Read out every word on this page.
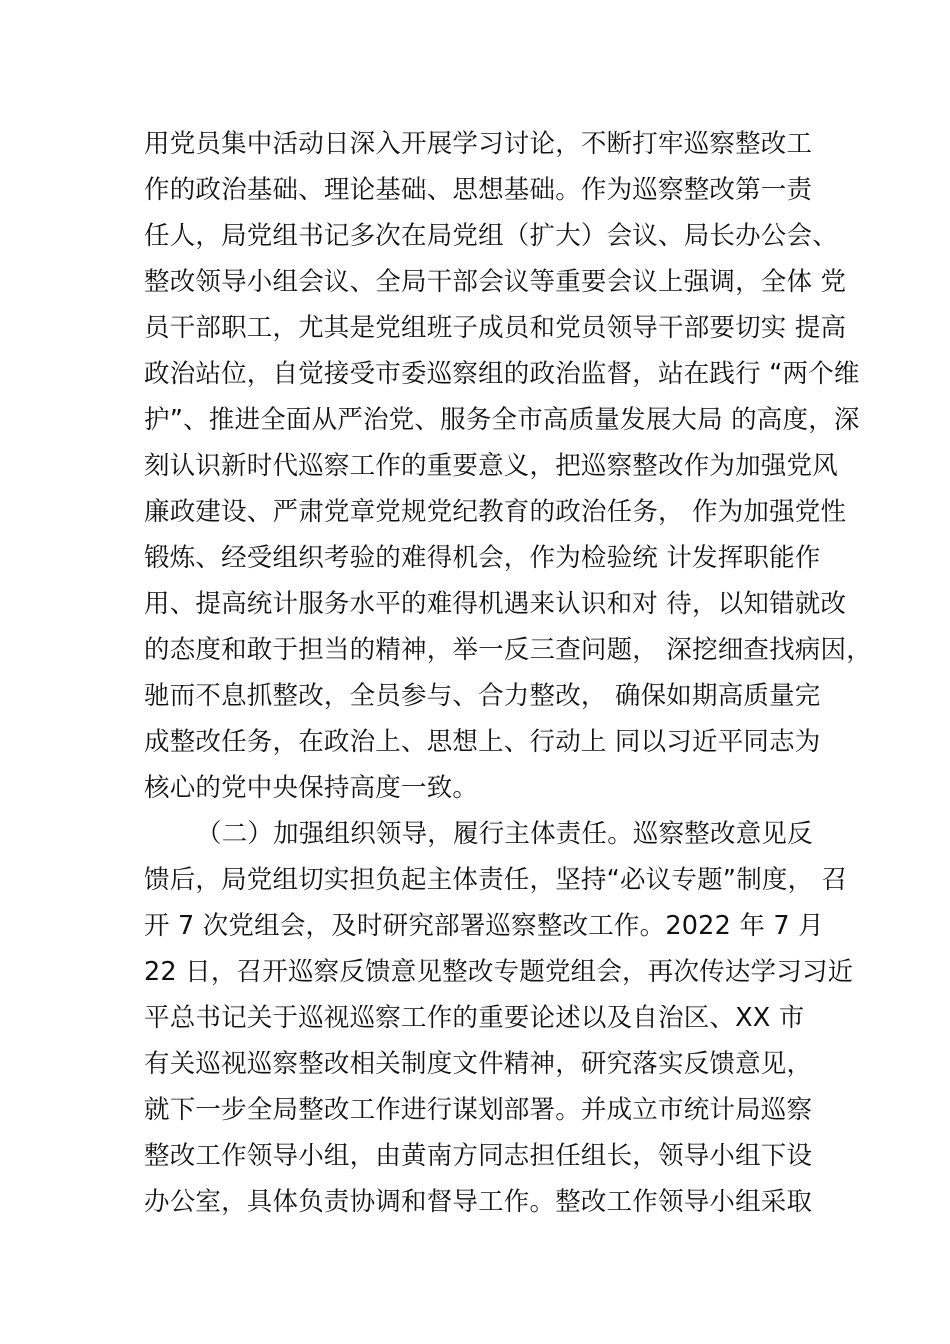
用党员集中活动日深入开展学习讨论，不断打牢巡察整改工
作的政治基础、理论基础、思想基础。作为巡察整改第一责
任人，局党组书记多次在局党组（扩大）会议、局长办公会、
整改领导小组会议、全局干部会议等重要会议上强调，全体 党
员干部职工，尤其是党组班子成员和党员领导干部要切实 提高
政治站位，自觉接受市委巡察组的政治监督，站在践行 “两个维
护”、推进全面从严治党、服务全市高质量发展大局 的高度，深
刻认识新时代巡察工作的重要意义，把巡察整改作为加强党风
廉政建设、严肃党章党规党纪教育的政治任务， 作为加强党性
锻炼、经受组织考验的难得机会，作为检验统 计发挥职能作
用、提高统计服务水平的难得机遇来认识和对 待，以知错就改
的态度和敢于担当的精神，举一反三查问题， 深挖细查找病因，
驰而不息抓整改，全员参与、合力整改， 确保如期高质量完
成整改任务，在政治上、思想上、行动上 同以习近平同志为
核心的党中央保持高度一致。
（二）加强组织领导，履行主体责任。巡察整改意见反
馈后，局党组切实担负起主体责任，坚持“必议专题”制度， 召
开 7 次党组会，及时研究部署巡察整改工作。2022 年 7 月
22 日，召开巡察反馈意见整改专题党组会，再次传达学习习近
平总书记关于巡视巡察工作的重要论述以及自治区、XX 市
有关巡视巡察整改相关制度文件精神，研究落实反馈意见，
就下一步全局整改工作进行谋划部署。并成立市统计局巡察
整改工作领导小组，由黄南方同志担任组长，领导小组下设
办公室，具体负责协调和督导工作。整改工作领导小组采取
